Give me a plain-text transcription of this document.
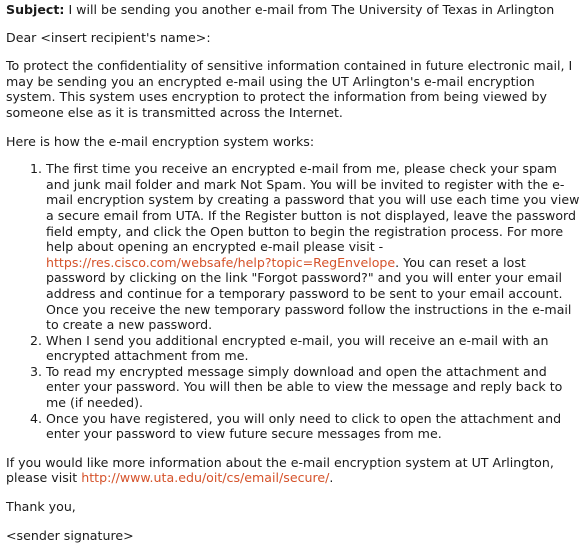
Subject: I will be sending you another e-mail from The University of Texas in Arlington

Dear <insert recipient's name>:

To protect the confidentiality of sensitive information contained in future electronic mail, I may be sending you an encrypted e-mail using the UT Arlington's e-mail encryption system. This system uses encryption to protect the information from being viewed by someone else as it is transmitted across the Internet.

Here is how the e-mail encryption system works:

1. The first time you receive an encrypted e-mail from me, please check your spam and junk mail folder and mark Not Spam. You will be invited to register with the e-mail encryption system by creating a password that you will use each time you view a secure email from UTA. If the Register button is not displayed, leave the password field empty, and click the Open button to begin the registration process. For more help about opening an encrypted e-mail please visit - https://res.cisco.com/websafe/help?topic=RegEnvelope. You can reset a lost password by clicking on the link "Forgot password?" and you will enter your email address and continue for a temporary password to be sent to your email account. Once you receive the new temporary password follow the instructions in the e-mail to create a new password.
2. When I send you additional encrypted e-mail, you will receive an e-mail with an encrypted attachment from me.
3. To read my encrypted message simply download and open the attachment and enter your password. You will then be able to view the message and reply back to me (if needed).
4. Once you have registered, you will only need to click to open the attachment and enter your password to view future secure messages from me.

If you would like more information about the e-mail encryption system at UT Arlington, please visit http://www.uta.edu/oit/cs/email/secure/.

Thank you,

<sender signature>
